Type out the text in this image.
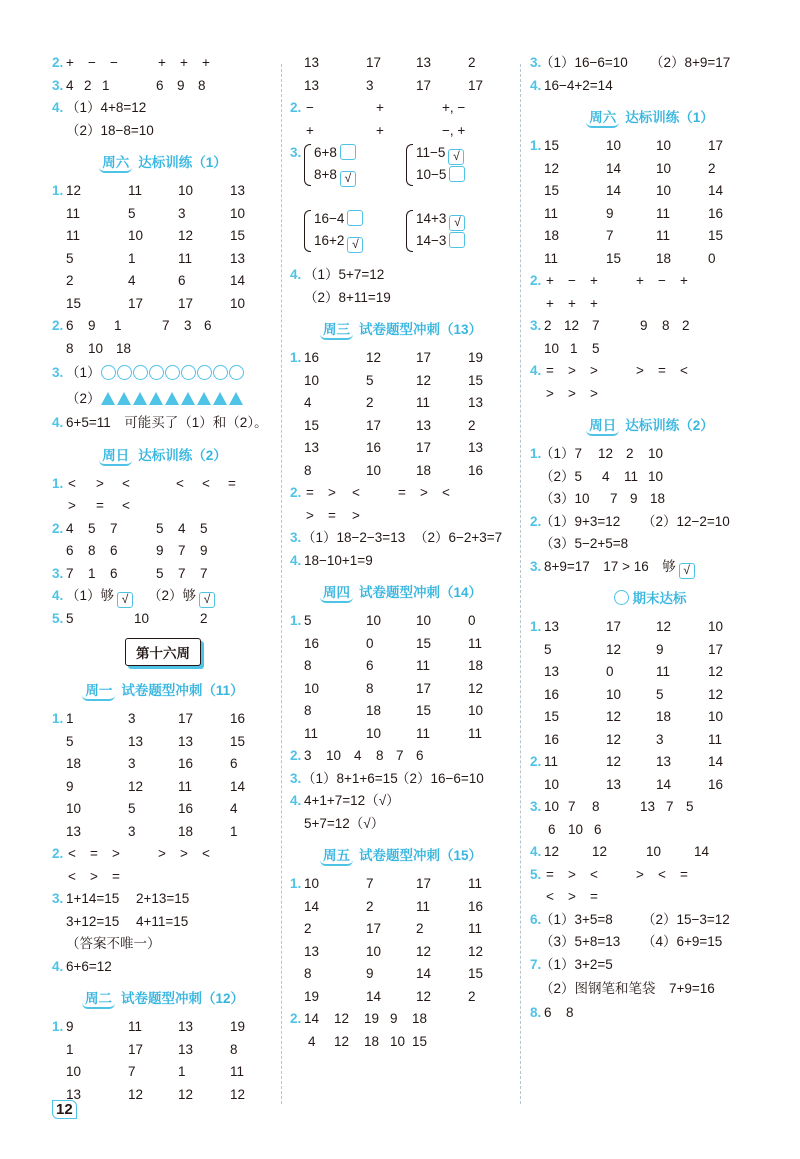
2. + − −	+ + +
3. 4 2 1	6 9 8
4. （1）4+8=12
（2）18−8=10
周六 达标训练（1）
1. 12	11	10	13
11	5	3	10
11	10	12	15
5	1	11	13
2	4	6	14
15	17	17	10
2. 6 9 1	7 3 6
8 10 18
3. （1）
（2）
4. 6+5=11　可能买了（1）和（2）。
周日 达标训练（2）
1. < > <	< < =
> = <
2. 4 5 7	5 4 5
6 8 6	9 7 9
3. 7 1 6	5 7 7
4. （1）够 √	（2）够 √
5. 5	10	2
第十六周
周一 试卷题型冲刺（11）
1. 1	3	17	16
5	13	13	15
18	3	16	6
9	12	11	14
10	5	16	4
13	3	18	1
2. < = >	> > <
< > =
3. 1+14=15 2+13=15
3+12=15 4+11=15
（答案不唯一）
4. 6+6=12
周二 试卷题型冲刺（12）
1. 9	11	13	19
1	17	13	8
10	7	1	11
13	12	12	12
13	17	13	2
13	3	17	17
2. −	+	+, −
+	+	−, +
3. 6+8
8+8 √
11−5 √
10−5
16−4
16+2 √
14+3 √
14−3
4. （1）5+7=12
（2）8+11=19
周三 试卷题型冲刺（13）
1. 16	12	17	19
10	5	12	15
4	2	11	13
15	17	13	2
13	16	17	13
8	10	18	16
2. = > <	= > <
> = >
3. （1）18−2−3=13 （2）6−2+3=7
4. 18−10+1=9
周四 试卷题型冲刺（14）
1. 5	10	10	0
16	0	15	11
8	6	11	18
10	8	17	12
8	18	15	10
11	10	11	11
2. 3 10 4 8 7 6
3. （1）8+1+6=15
（2）16−6=10
4. 4+1+7=12（√）
5+7=12（√）
周五 试卷题型冲刺（15）
1. 10	7	17	11
14	2	11	16
2	17	2	11
13	10	12	12
8	9	14	15
19	14	12	2
2. 14 12 19 9 18
4 12 18 10 15
3.
（1）16−6=10 （2）8+9=17
4. 16−4+2=14
周六 达标训练（1）
1. 15	10	10	17
12	14	10	2
15	14	10	14
11	9	11	16
18	7	11	15
11	15	18	0
2. + − +	+ − +
+ + +
3. 2 12 7	9 8 2
10 1 5
4. = > >	> = <
> > >
周日 达标训练（2）
1.
（1）7 12 2 10
（2）5 4 11 10
（3）10 7 9 18
2.
（1）9+3=12 （2）12−2=10
（3）5−2+5=8
3. 8+9=17　17 > 16　够 √
期末达标
1. 13	17	12	10
5	12	9	17
13	0	11	12
16	10	5	12
15	12	18	10
16	12	3	11
2. 11	12	13	14
10	13	14	16
3. 10 7 8	13 7 5
6 10 6
4. 12 12	10 14
5. = > <	> < =
< > =
6.
（1）3+5=8 （2）15−3=12
（3）5+8=13 （4）6+9=15
7.
（1）3+2=5
（2）图钢笔和笔袋　7+9=16
8. 6 8
12
